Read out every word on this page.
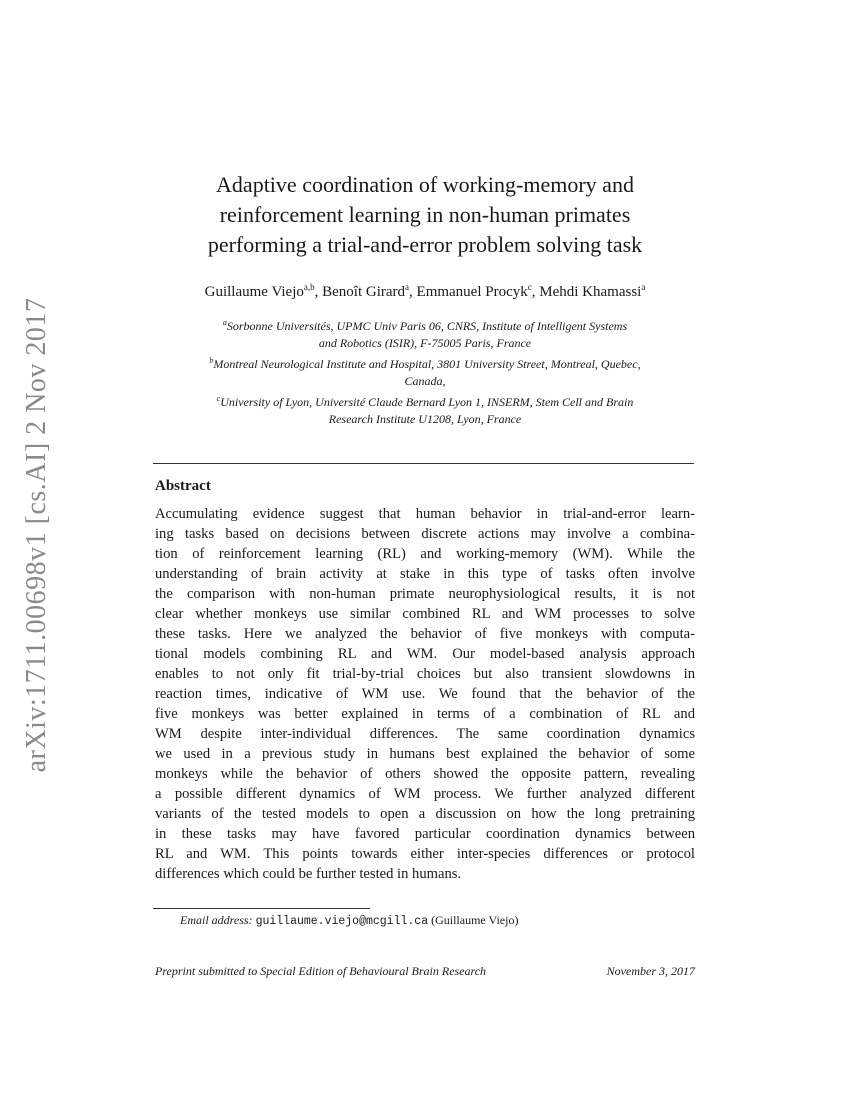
arXiv:1711.00698v1 [cs.AI] 2 Nov 2017
Adaptive coordination of working-memory and
reinforcement learning in non-human primates
performing a trial-and-error problem solving task
Guillaume Viejo$^{a,b}$, Benoît Girard$^a$, Emmanuel Procyk$^c$, Mehdi Khamassi$^a$
$^a$Sorbonne Universités, UPMC Univ Paris 06, CNRS, Institute of Intelligent Systems
and Robotics (ISIR), F-75005 Paris, France
$^b$Montreal Neurological Institute and Hospital, 3801 University Street, Montreal, Quebec,
Canada,
$^c$University of Lyon, Université Claude Bernard Lyon 1, INSERM, Stem Cell and Brain
Research Institute U1208, Lyon, France
Abstract
Accumulating evidence suggest that human behavior in trial-and-error learn-
ing tasks based on decisions between discrete actions may involve a combina-
tion of reinforcement learning (RL) and working-memory (WM). While the
understanding of brain activity at stake in this type of tasks often involve
the comparison with non-human primate neurophysiological results, it is not
clear whether monkeys use similar combined RL and WM processes to solve
these tasks. Here we analyzed the behavior of five monkeys with computa-
tional models combining RL and WM. Our model-based analysis approach
enables to not only fit trial-by-trial choices but also transient slowdowns in
reaction times, indicative of WM use. We found that the behavior of the
five monkeys was better explained in terms of a combination of RL and
WM despite inter-individual differences. The same coordination dynamics
we used in a previous study in humans best explained the behavior of some
monkeys while the behavior of others showed the opposite pattern, revealing
a possible different dynamics of WM process. We further analyzed different
variants of the tested models to open a discussion on how the long pretraining
in these tasks may have favored particular coordination dynamics between
RL and WM. This points towards either inter-species differences or protocol
differences which could be further tested in humans.
Email address: guillaume.viejo@mcgill.ca (Guillaume Viejo)
Preprint submitted to Special Edition of Behavioural Brain Research	November 3, 2017
